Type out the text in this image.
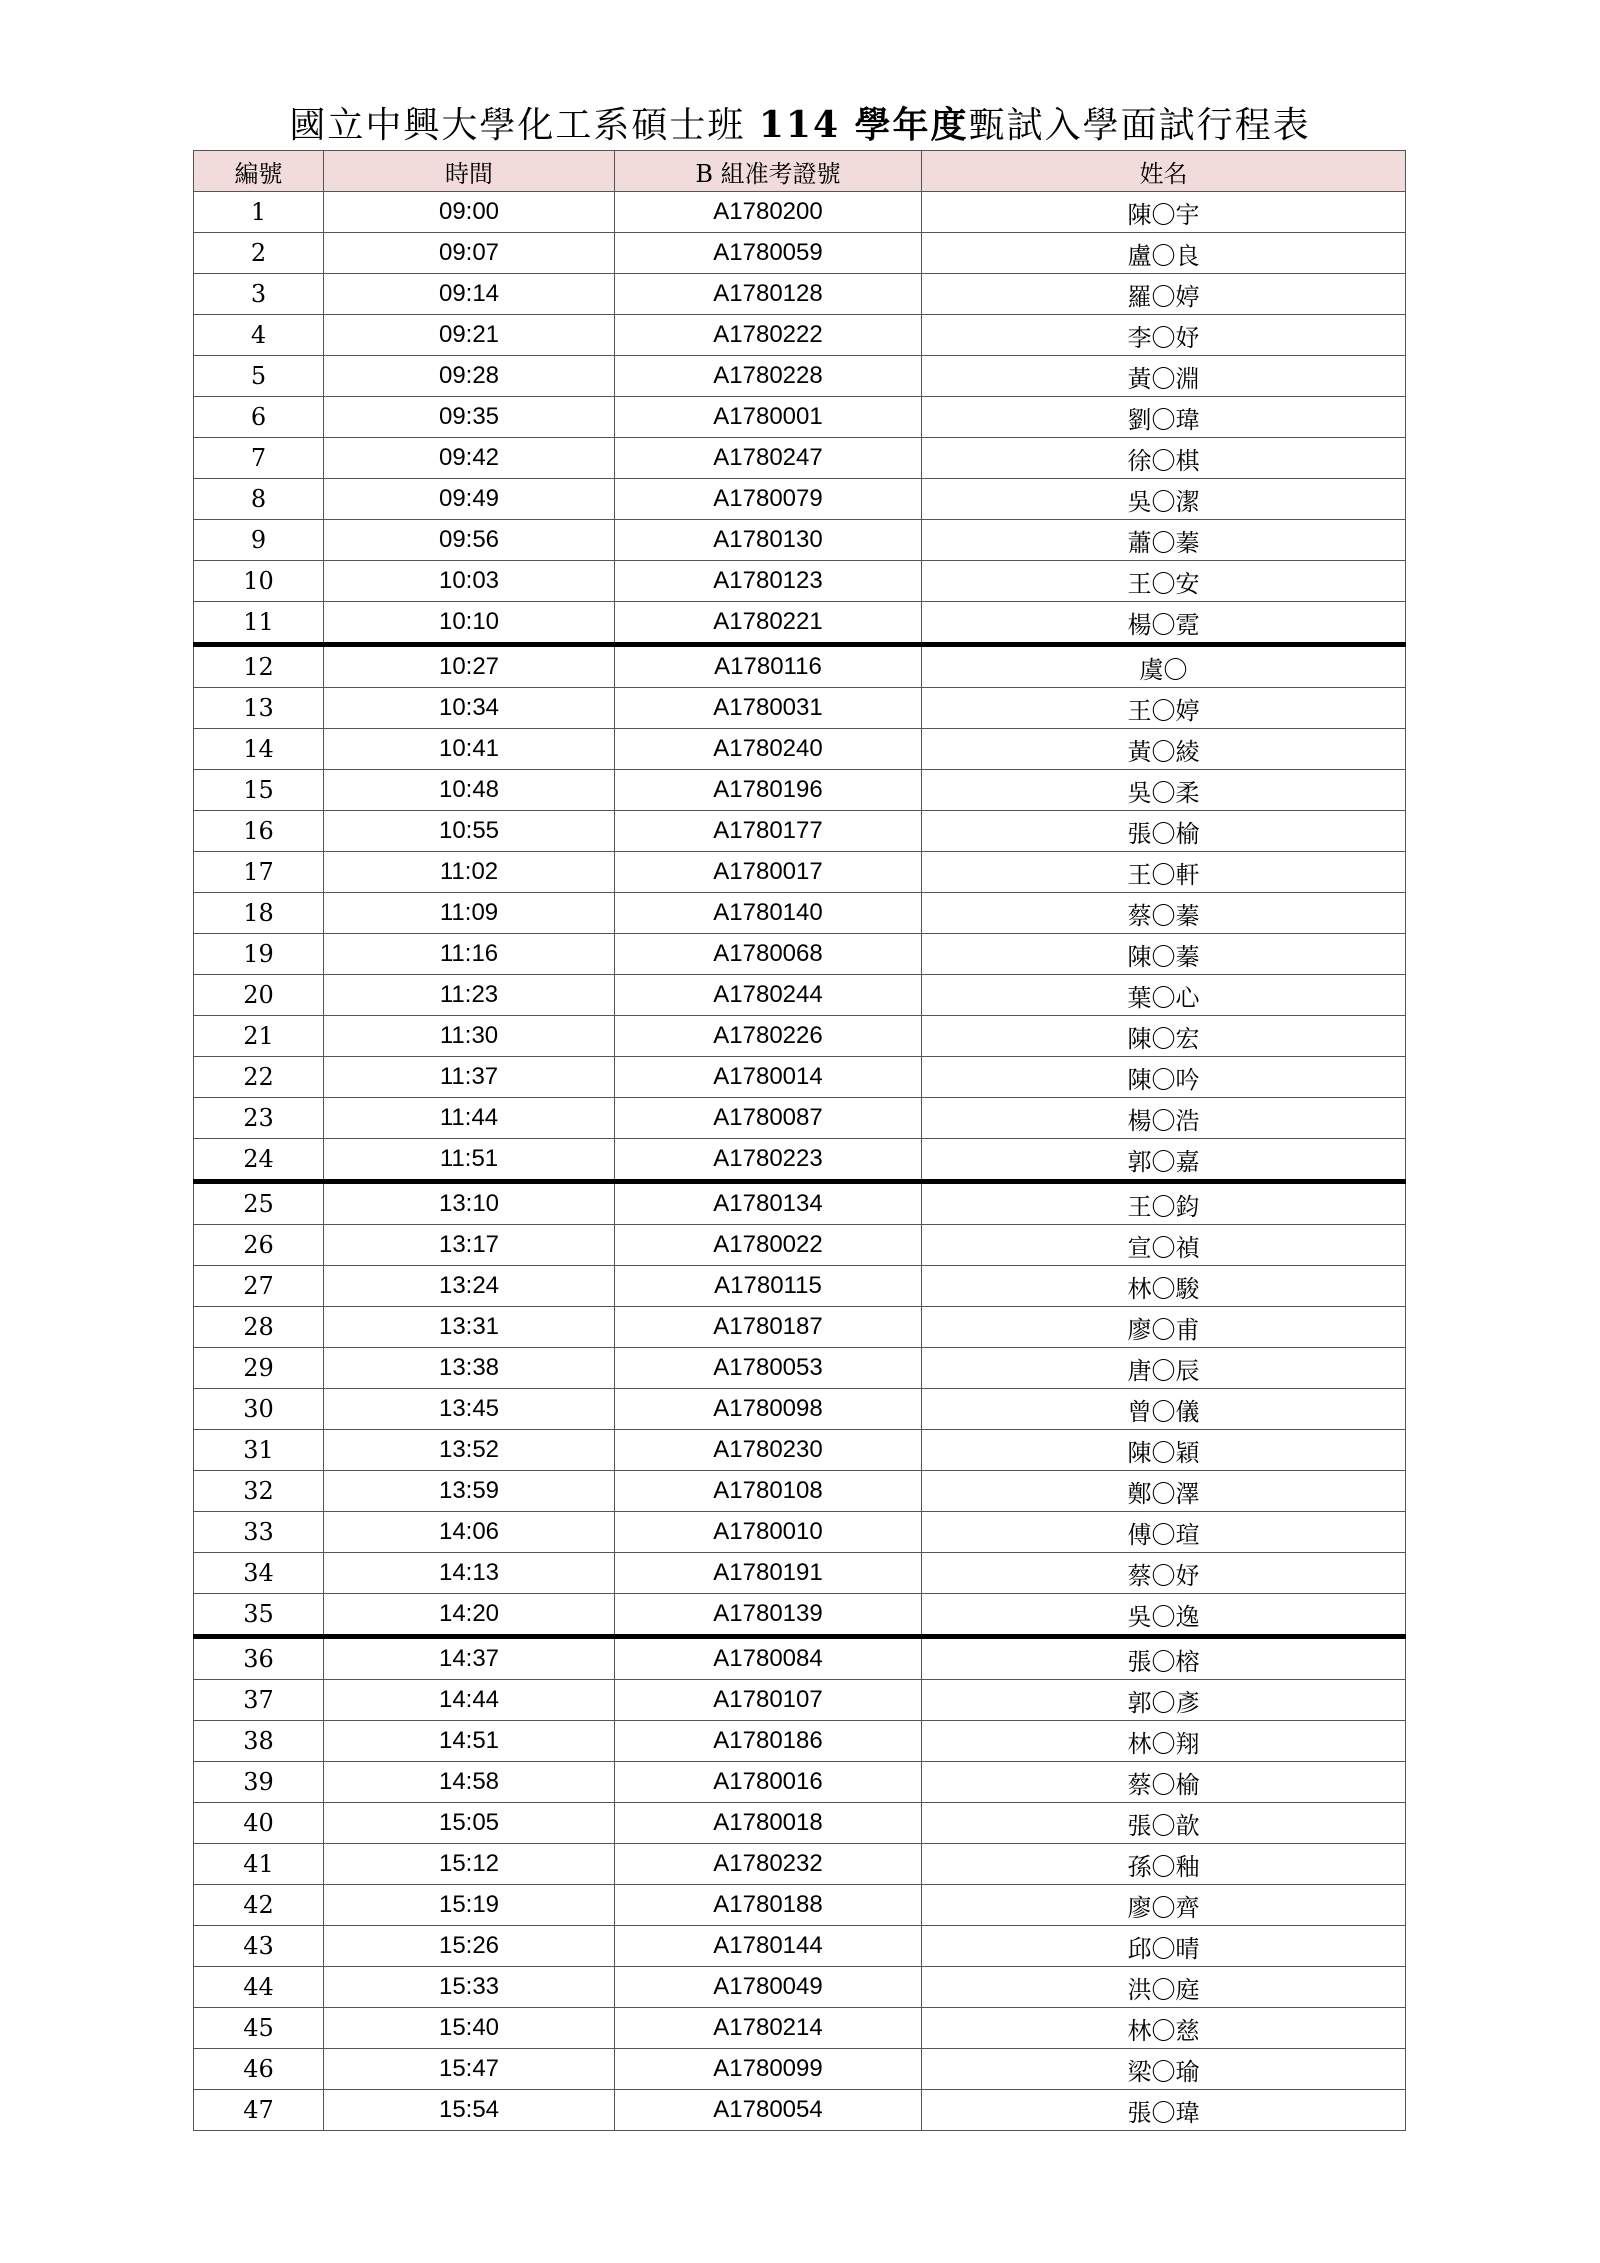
國立中興大學化工系碩士班 114 學年度甄試入學面試行程表
編號	時間	B 組准考證號	姓名
1	09:00	A1780200	陳〇宇
2	09:07	A1780059	盧〇良
3	09:14	A1780128	羅〇婷
4	09:21	A1780222	李〇妤
5	09:28	A1780228	黃〇淵
6	09:35	A1780001	劉〇瑋
7	09:42	A1780247	徐〇棋
8	09:49	A1780079	吳〇潔
9	09:56	A1780130	蕭〇蓁
10	10:03	A1780123	王〇安
11	10:10	A1780221	楊〇霓
12	10:27	A1780116	虞〇
13	10:34	A1780031	王〇婷
14	10:41	A1780240	黃〇綾
15	10:48	A1780196	吳〇柔
16	10:55	A1780177	張〇榆
17	11:02	A1780017	王〇軒
18	11:09	A1780140	蔡〇蓁
19	11:16	A1780068	陳〇蓁
20	11:23	A1780244	葉〇心
21	11:30	A1780226	陳〇宏
22	11:37	A1780014	陳〇吟
23	11:44	A1780087	楊〇浩
24	11:51	A1780223	郭〇嘉
25	13:10	A1780134	王〇鈞
26	13:17	A1780022	宣〇禎
27	13:24	A1780115	林〇駿
28	13:31	A1780187	廖〇甫
29	13:38	A1780053	唐〇辰
30	13:45	A1780098	曾〇儀
31	13:52	A1780230	陳〇穎
32	13:59	A1780108	鄭〇澤
33	14:06	A1780010	傅〇瑄
34	14:13	A1780191	蔡〇妤
35	14:20	A1780139	吳〇逸
36	14:37	A1780084	張〇榕
37	14:44	A1780107	郭〇彥
38	14:51	A1780186	林〇翔
39	14:58	A1780016	蔡〇榆
40	15:05	A1780018	張〇歆
41	15:12	A1780232	孫〇釉
42	15:19	A1780188	廖〇齊
43	15:26	A1780144	邱〇晴
44	15:33	A1780049	洪〇庭
45	15:40	A1780214	林〇慈
46	15:47	A1780099	梁〇瑜
47	15:54	A1780054	張〇瑋
